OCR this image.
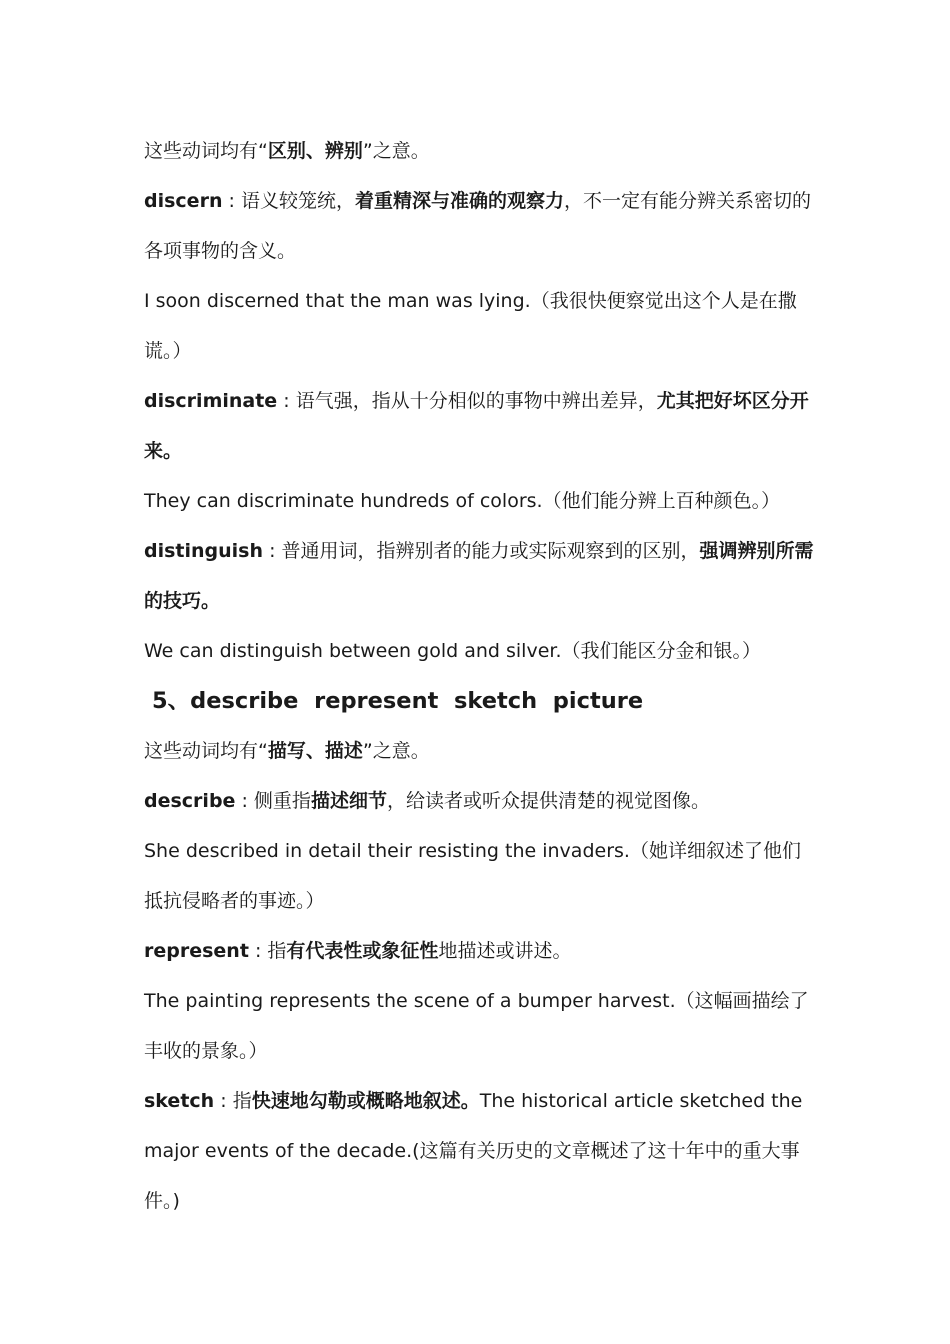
这些动词均有“区别、辨别”之意。

discern : 语义较笼统，着重精深与准确的观察力，不一定有能分辨关系密切的各项事物的含义。

I soon discerned that the man was lying.（我很快便察觉出这个人是在撒谎。）

discriminate : 语气强，指从十分相似的事物中辨出差异，尤其把好坏区分开来。

They can discriminate hundreds of colors.（他们能分辨上百种颜色。）

distinguish : 普通用词，指辨别者的能力或实际观察到的区别，强调辨别所需的技巧。

We can distinguish between gold and silver.（我们能区分金和银。）

5、describe  represent  sketch  picture

这些动词均有“描写、描述”之意。

describe : 侧重指描述细节，给读者或听众提供清楚的视觉图像。

She described in detail their resisting the invaders.（她详细叙述了他们抵抗侵略者的事迹。）

represent : 指有代表性或象征性地描述或讲述。

The painting represents the scene of a bumper harvest.（这幅画描绘了丰收的景象。）

sketch : 指快速地勾勒或概略地叙述。The historical article sketched the major events of the decade.(这篇有关历史的文章概述了这十年中的重大事件。)
